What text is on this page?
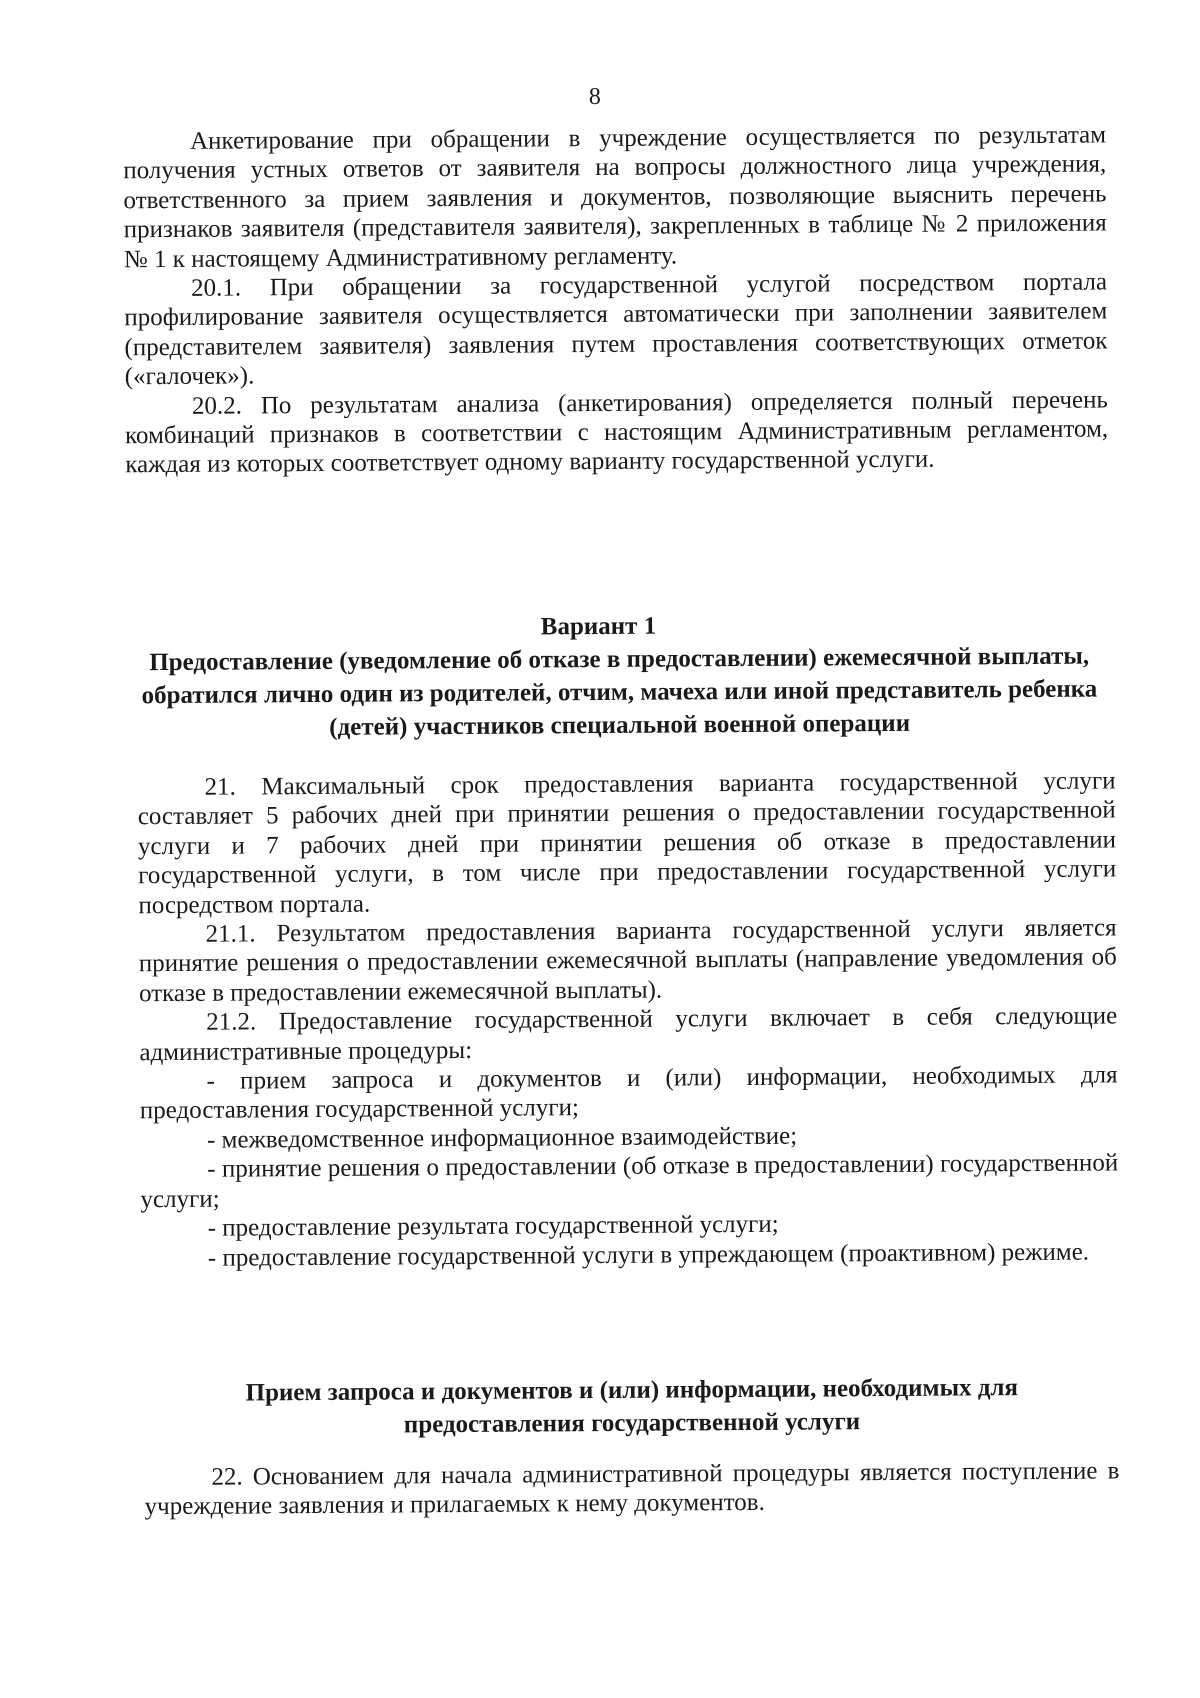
8

Анкетирование при обращении в учреждение осуществляется по результатам получения устных ответов от заявителя на вопросы должностного лица учреждения, ответственного за прием заявления и документов, позволяющие выяснить перечень признаков заявителя (представителя заявителя), закрепленных в таблице № 2 приложения № 1 к настоящему Административному регламенту.

20.1. При обращении за государственной услугой посредством портала профилирование заявителя осуществляется автоматически при заполнении заявителем (представителем заявителя) заявления путем проставления соответствующих отметок («галочек»).

20.2. По результатам анализа (анкетирования) определяется полный перечень комбинаций признаков в соответствии с настоящим Административным регламентом, каждая из которых соответствует одному варианту государственной услуги.

Вариант 1
Предоставление (уведомление об отказе в предоставлении) ежемесячной выплаты, обратился лично один из родителей, отчим, мачеха или иной представитель ребенка (детей) участников специальной военной операции

21. Максимальный срок предоставления варианта государственной услуги составляет 5 рабочих дней при принятии решения о предоставлении государственной услуги и 7 рабочих дней при принятии решения об отказе в предоставлении государственной услуги, в том числе при предоставлении государственной услуги посредством портала.

21.1. Результатом предоставления варианта государственной услуги является принятие решения о предоставлении ежемесячной выплаты (направление уведомления об отказе в предоставлении ежемесячной выплаты).

21.2. Предоставление государственной услуги включает в себя следующие административные процедуры:

- прием запроса и документов и (или) информации, необходимых для предоставления государственной услуги;

- межведомственное информационное взаимодействие;

- принятие решения о предоставлении (об отказе в предоставлении) государственной услуги;

- предоставление результата государственной услуги;

- предоставление государственной услуги в упреждающем (проактивном) режиме.

Прием запроса и документов и (или) информации, необходимых для
предоставления государственной услуги

22. Основанием для начала административной процедуры является поступление в учреждение заявления и прилагаемых к нему документов.
